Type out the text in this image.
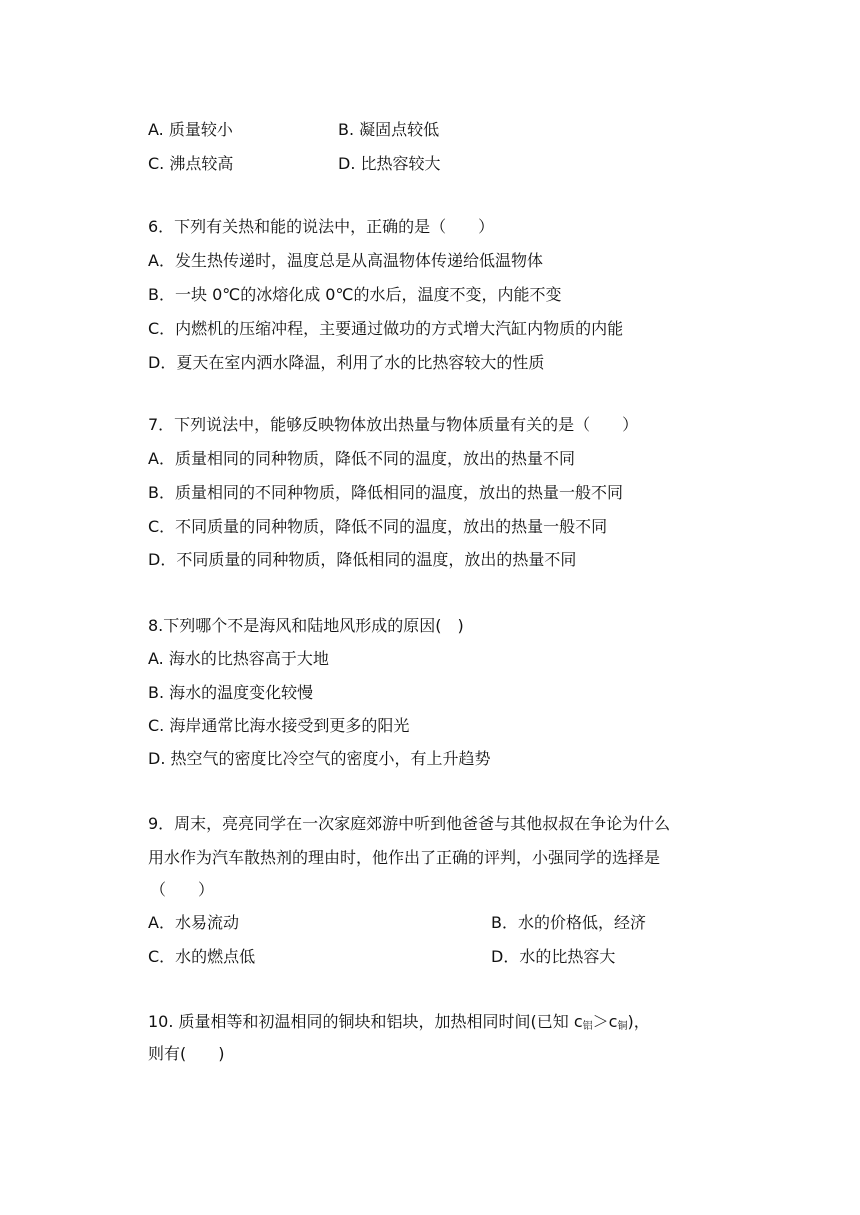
A. 质量较小	B. 凝固点较低
C. 沸点较高	D. 比热容较大
6．下列有关热和能的说法中，正确的是（　　）
A．发生热传递时，温度总是从高温物体传递给低温物体
B．一块 0℃的冰熔化成 0℃的水后，温度不变，内能不变
C．内燃机的压缩冲程，主要通过做功的方式增大汽缸内物质的内能
D．夏天在室内洒水降温，利用了水的比热容较大的性质
7．下列说法中，能够反映物体放出热量与物体质量有关的是（　　）
A．质量相同的同种物质，降低不同的温度，放出的热量不同
B．质量相同的不同种物质，降低相同的温度，放出的热量一般不同
C．不同质量的同种物质，降低不同的温度，放出的热量一般不同
D．不同质量的同种物质，降低相同的温度，放出的热量不同
8.下列哪个不是海风和陆地风形成的原因(　)
A. 海水的比热容高于大地
B. 海水的温度变化较慢
C. 海岸通常比海水接受到更多的阳光
D. 热空气的密度比冷空气的密度小，有上升趋势
9．周末，亮亮同学在一次家庭郊游中听到他爸爸与其他叔叔在争论为什么
用水作为汽车散热剂的理由时，他作出了正确的评判，小强同学的选择是
（　　）
A．水易流动	B．水的价格低，经济
C．水的燃点低	D．水的比热容大
10. 质量相等和初温相同的铜块和铝块，加热相同时间(已知 $c_铝>c_铜$)，
则有(　　)
